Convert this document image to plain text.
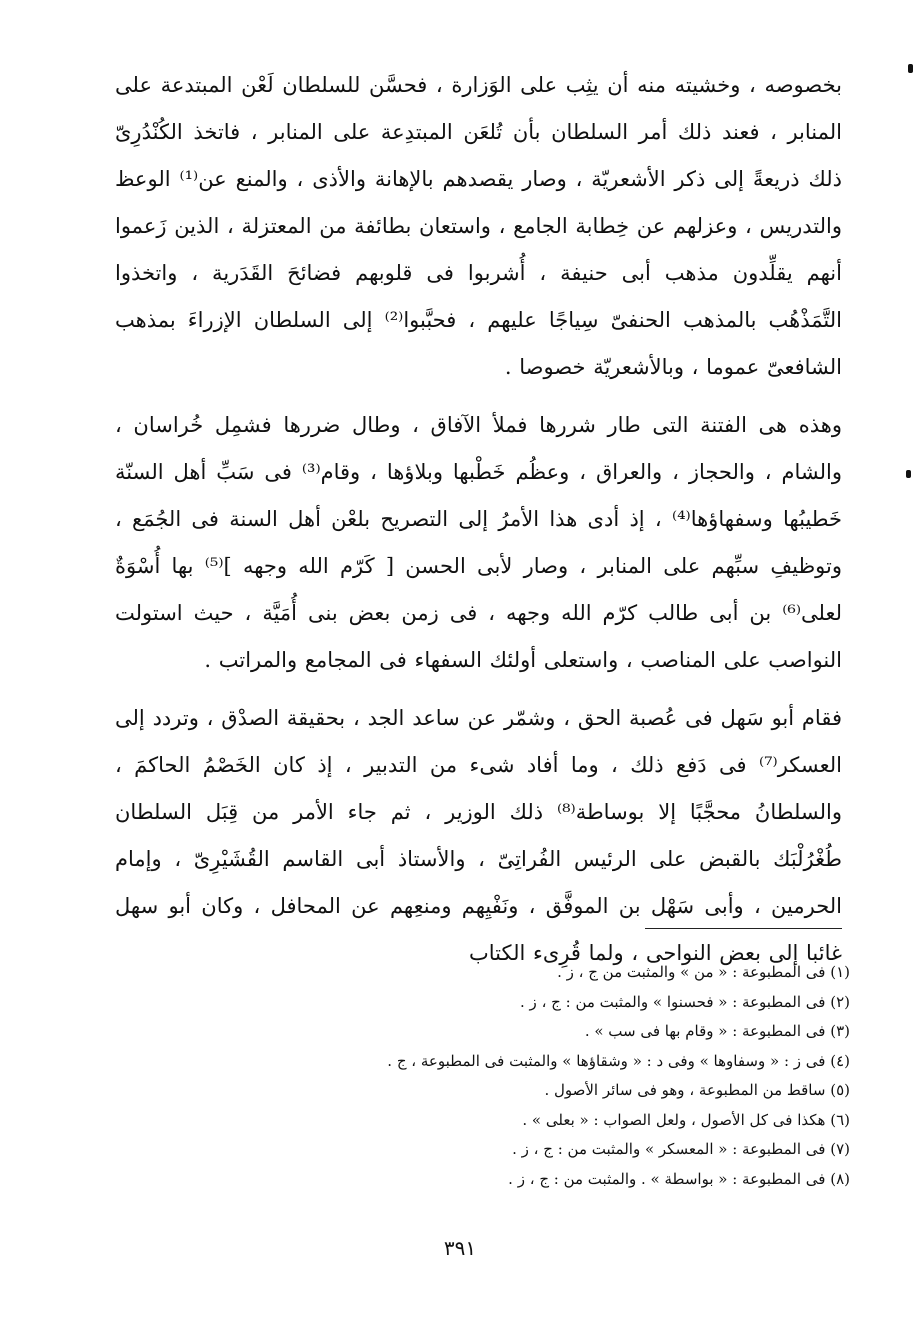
بخصوصه ، وخشيته منه أن يثِب على الوَزارة ، فحسَّن للسلطان لَعْن المبتدعة على المنابر ، فعند ذلك أمر السلطان بأن تُلعَن المبتدِعة على المنابر ، فاتخذ الكُنْدُرِىّ ذلك ذريعةً إلى ذكر الأشعريّة ، وصار يقصدهم بالإهانة والأذى ، والمنع عن⁽¹⁾ الوعظ والتدريس ، وعزلهم عن خِطابة الجامع ، واستعان بطائفة من المعتزلة ، الذين زَعموا أنهم يقلِّدون مذهب أبى حنيفة ، أُشربوا فى قلوبهم فضائحَ القَدَرية ، واتخذوا التَّمَذْهُب بالمذهب الحنفىّ سِياجًا عليهم ، فحبَّبوا⁽²⁾ إلى السلطان الإزراءَ بمذهب الشافعىّ عموما ، وبالأشعريّة خصوصا .

وهذه هى الفتنة التى طار شررها فملأ الآفاق ، وطال ضررها فشمِل خُراسان ، والشام ، والحجاز ، والعراق ، وعظُم خَطْبها وبلاؤها ، وقام⁽³⁾ فى سَبِّ أهل السنّة خَطيبُها وسفهاؤها⁽⁴⁾ ، إذ أدى هذا الأمرُ إلى التصريح بلعْن أهل السنة فى الجُمَع ، وتوظيفِ سبِّهم على المنابر ، وصار لأبى الحسن [ كَرّم الله وجهه ]⁽⁵⁾ بها أُسْوَةٌ لعلى⁽⁶⁾ بن أبى طالب كرّم الله وجهه ، فى زمن بعض بنى أُمَيَّة ، حيث استولت النواصب على المناصب ، واستعلى أولئك السفهاء فى المجامع والمراتب .

فقام أبو سَهل فى عُصبة الحق ، وشمّر عن ساعد الجد ، بحقيقة الصدْق ، وتردد إلى العسكر⁽⁷⁾ فى دَفع ذلك ، وما أفاد شىء من التدبير ، إذ كان الخَصْمُ الحاكمَ ، والسلطانُ محجَّبًا إلا بوساطة⁽⁸⁾ ذلك الوزير ، ثم جاء الأمر من قِبَل السلطان طُغْرُلْبَك بالقبض على الرئيس الفُراتِىّ ، والأستاذ أبى القاسم القُشَيْرِىّ ، وإمام الحرمين ، وأبى سَهْل بن الموفَّق ، ونَفْيِهم ومنعِهم عن المحافل ، وكان أبو سهل غائبا إلى بعض النواحى ، ولما قُرِىء الكتاب

(١) فى المطبوعة : « من » والمثبت من ج ، ز .

(٢) فى المطبوعة : « فحسنوا » والمثبت من : ج ، ز .

(٣) فى المطبوعة : « وقام بها فى سب » .

(٤) فى ز : « وسفاوها » وفى د : « وشقاؤها » والمثبت فى المطبوعة ، ج .

(٥) ساقط من المطبوعة ، وهو فى سائر الأصول .

(٦) هكذا فى كل الأصول ، ولعل الصواب : « بعلى » .

(٧) فى المطبوعة : « المعسكر » والمثبت من : ج ، ز .

(٨) فى المطبوعة : « بواسطة » . والمثبت من : ج ، ز .

٣٩١
